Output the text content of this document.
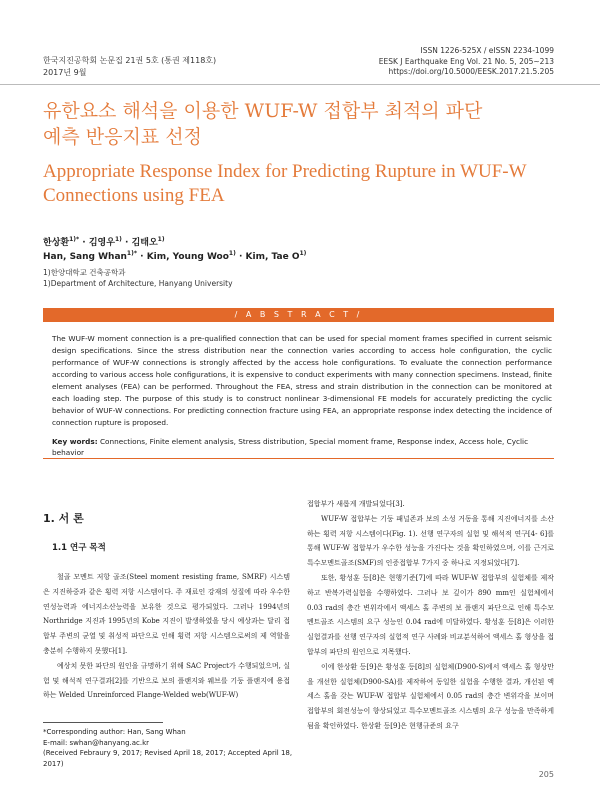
한국지진공학회 논문집 21권 5호 (통권 제118호)
2017년 9월
ISSN 1226-525X / eISSN 2234-1099
EESK J Earthquake Eng Vol. 21 No. 5, 205~213
https://doi.org/10.5000/EESK.2017.21.5.205
유한요소 해석을 이용한 WUF-W 접합부 최적의 파단
예측 반응지표 선정
Appropriate Response Index for Predicting Rupture in WUF-W
Connections using FEA
한상환$^{1)*}$ · 김영우$^{1)}$ · 김태오$^{1)}$
Han, Sang Whan$^{1)*}$ · Kim, Young Woo$^{1)}$ · Kim, Tae $O^{1)}$
1)한양대학교 건축공학과
1)Department of Architecture, Hanyang University
/ A B S T R A C T /
The WUF-W moment connection is a pre-qualified connection that can be used for special moment frames specified in current seismic design specifications. Since the stress distribution near the connection varies according to access hole configuration, the cyclic performance of WUF-W connections is strongly affected by the access hole configurations. To evaluate the connection performance according to various access hole configurations, it is expensive to conduct experiments with many connection specimens. Instead, finite element analyses (FEA) can be performed. Throughout the FEA, stress and strain distribution in the connection can be monitored at each loading step. The purpose of this study is to construct nonlinear 3-dimensional FE models for accurately predicting the cyclic behavior of WUF-W connections. For predicting connection fracture using FEA, an appropriate response index detecting the incidence of connection rupture is proposed.
Key words: Connections, Finite element analysis, Stress distribution, Special moment frame, Response index, Access hole, Cyclic behavior
1. 서 론
1.1 연구 목적

철골 모멘트 저항 골조(Steel moment resisting frame, SMRF) 시스템은 지진하중과 같은 횡력 저항 시스템이다. 주 재료인 강재의 성질에 따라 우수한 연성능력과 에너지소산능력을 보유한 것으로 평가되었다. 그러나 1994년의 Northridge 지진과 1995년의 Kobe 지진이 발생하였을 당시 예상과는 달리 접합부 주변의 균열 및 취성적 파단으로 인해 횡력 저항 시스템으로써의 제 역할을 충분히 수행하지 못했다[1].

예상치 못한 파단의 원인을 규명하기 위해 SAC Project가 수행되었으며, 실험 및 해석적 연구결과[2]를 기반으로 보의 플랜지와 웨브를 기둥 플랜지에 용접하는 Welded Unreinforced Flange-Welded web(WUF-W)

접합부가 새롭게 개발되었다[3].

WUF-W 접합부는 기둥 패널존과 보의 소성 거동을 통해 지진에너지를 소산하는 횡력 저항 시스템이다(Fig. 1). 선행 연구자의 실험 및 해석적 연구[4- 6]를 통해 WUF-W 접합부가 우수한 성능을 가진다는 것을 확인하였으며, 이를 근거로 특수모멘트골조(SMF)의 인증접합부 7가지 중 하나로 지정되었다[7].

또한, 황성훈 등[8]은 현행기준[7]에 따라 WUF-W 접합부의 실험체를 제작하고 반복가력실험을 수행하였다. 그러나 보 깊이가 890 mm인 실험체에서 0.03 rad의 층간 변위각에서 액세스 홀 주변의 보 플랜지 파단으로 인해 특수모멘트골조 시스템의 요구 성능인 0.04 rad에 미달하였다. 황성훈 등[8]은 이러한 실험결과를 선행 연구자의 실험적 연구 사례와 비교분석하여 액세스 홀 형상을 접합부의 파단의 원인으로 지목했다.

이에 한상환 등[9]은 황성훈 등[8]의 실험체(D900-S)에서 액세스 홀 형상만을 개선한 실험체(D900-SA)를 제작하여 동일한 실험을 수행한 결과, 개선된 액세스 홀을 갖는 WUF-W 접합부 실험체에서 0.05 rad의 층간 변위각을 보이며 접합부의 회전성능이 향상되었고 특수모멘트골조 시스템의 요구 성능을 만족하게 됨을 확인하였다. 한상환 등[9]은 현행규준의 요구

*Corresponding author: Han, Sang Whan
E-mail: swhan@hanyang.ac.kr
(Received Febraury 9, 2017; Revised April 18, 2017; Accepted April 18, 2017)
205
